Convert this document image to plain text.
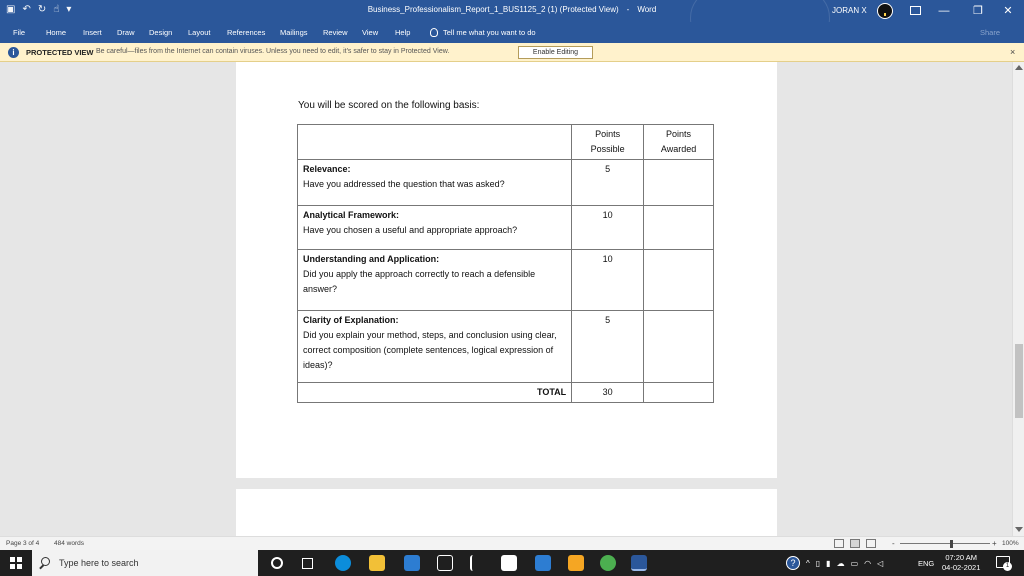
▣ ↶ ↻ ☝ ▾	Business_Professionalism_Report_1_BUS1125_2 (1) (Protected View) - Word	JORAN X	—	❐	✕
File	Home Insert Draw Design Layout References Mailings Review View Help	Tell me what you want to do	Share
i	PROTECTED VIEW Be careful—files from the Internet can contain viruses. Unless you need to edit, it's safer to stay in Protected View.	Enable Editing	×
You will be scored on the following basis:
	Points Possible	Points Awarded

Relevance:
Have you addressed the question that was asked?	5	

Analytical Framework:
Have you chosen a useful and appropriate approach?	10	

Understanding and Application:
Did you apply the approach correctly to reach a defensible answer?	10	

Clarity of Explanation:
Did you explain your method, steps, and conclusion using clear, correct composition (complete sentences, logical expression of ideas)?	5	
TOTAL	30	
Page 3 of 4 484 words	-	+ 100%
Type here to search	?	^ ▯ ▮ ☁ ▭ ◠ ◁	ENG
07:20 AM
04-02-2021	1
